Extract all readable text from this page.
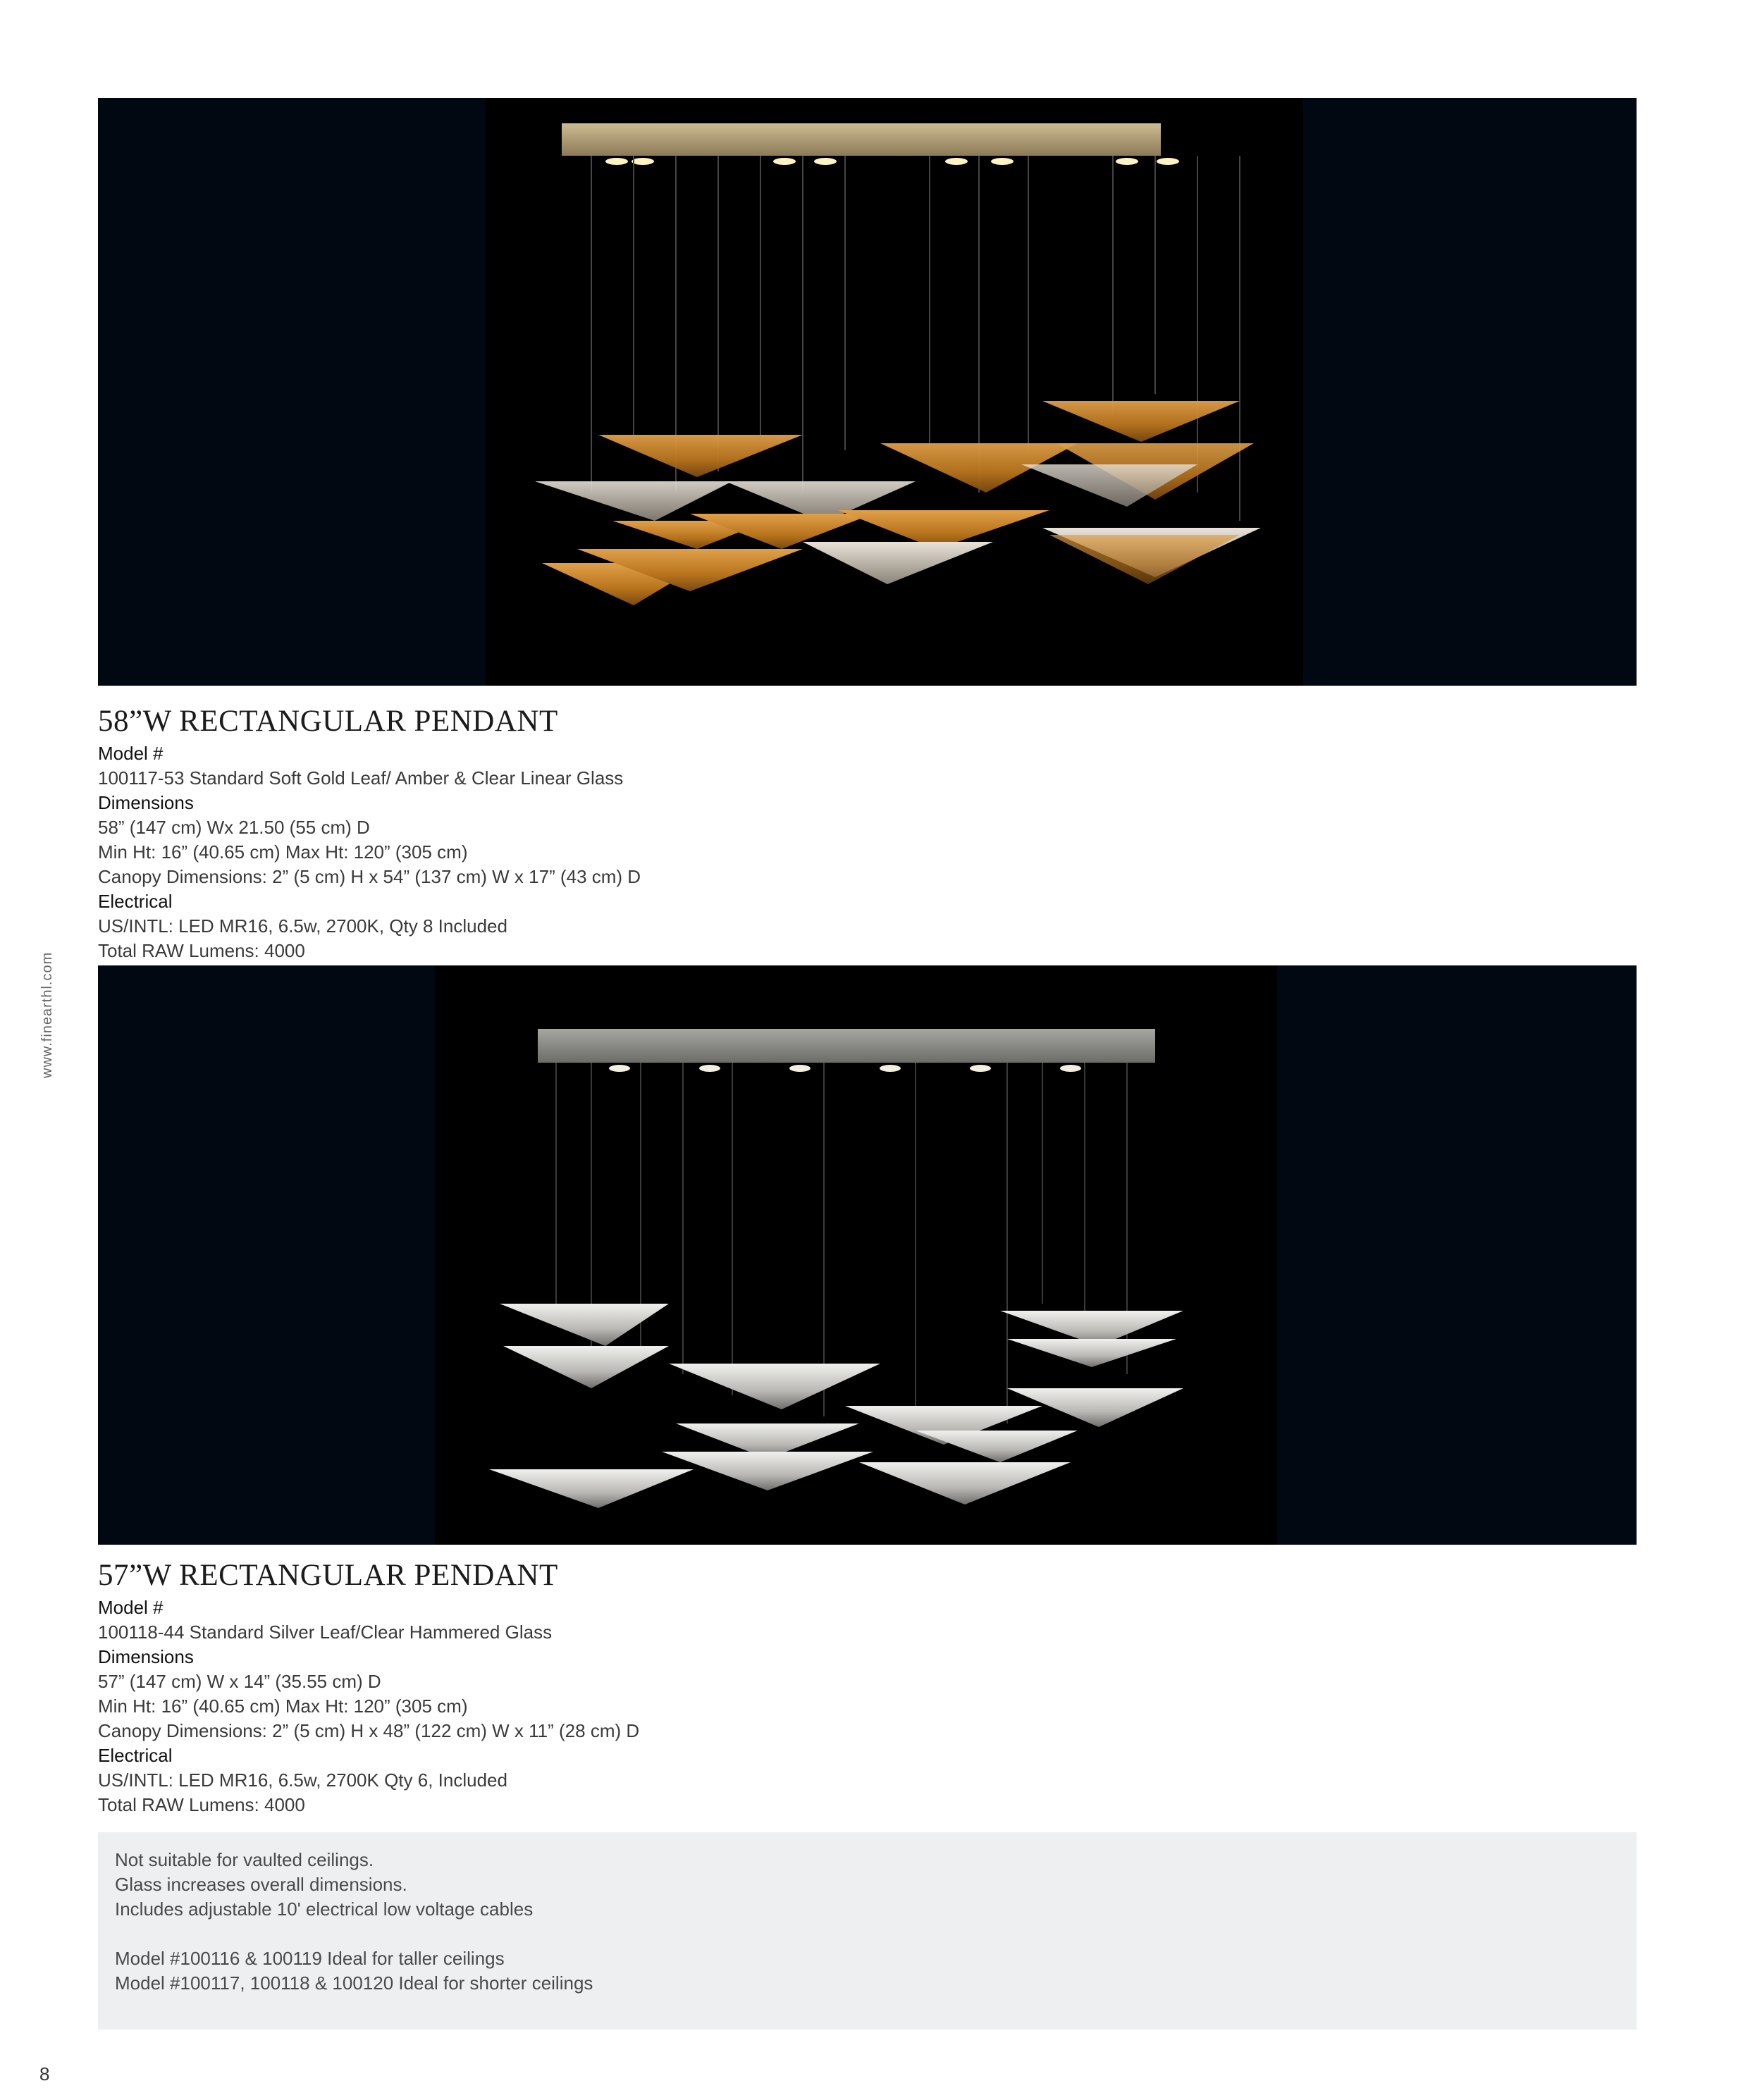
www.finearthl.com
8
58”W RECTANGULAR PENDANT
Model #
100117-53 Standard Soft Gold Leaf/ Amber & Clear Linear Glass
Dimensions
58” (147 cm) Wx 21.50 (55 cm) D
Min Ht: 16” (40.65 cm) Max Ht: 120” (305 cm)
Canopy Dimensions: 2” (5 cm) H x 54” (137 cm) W x 17” (43 cm) D
Electrical
US/INTL: LED MR16, 6.5w, 2700K, Qty 8 Included
Total RAW Lumens: 4000
57”W RECTANGULAR PENDANT
Model #
100118-44 Standard Silver Leaf/Clear Hammered Glass
Dimensions
57” (147 cm) W x 14” (35.55 cm) D
Min Ht: 16” (40.65 cm) Max Ht: 120” (305 cm)
Canopy Dimensions: 2” (5 cm) H x 48” (122 cm) W x 11” (28 cm) D
Electrical
US/INTL: LED MR16, 6.5w, 2700K Qty 6, Included
Total RAW Lumens: 4000
Not suitable for vaulted ceilings.
Glass increases overall dimensions.
Includes adjustable 10' electrical low voltage cables
Model #100116 & 100119 Ideal for taller ceilings
Model #100117, 100118 & 100120 Ideal for shorter ceilings
